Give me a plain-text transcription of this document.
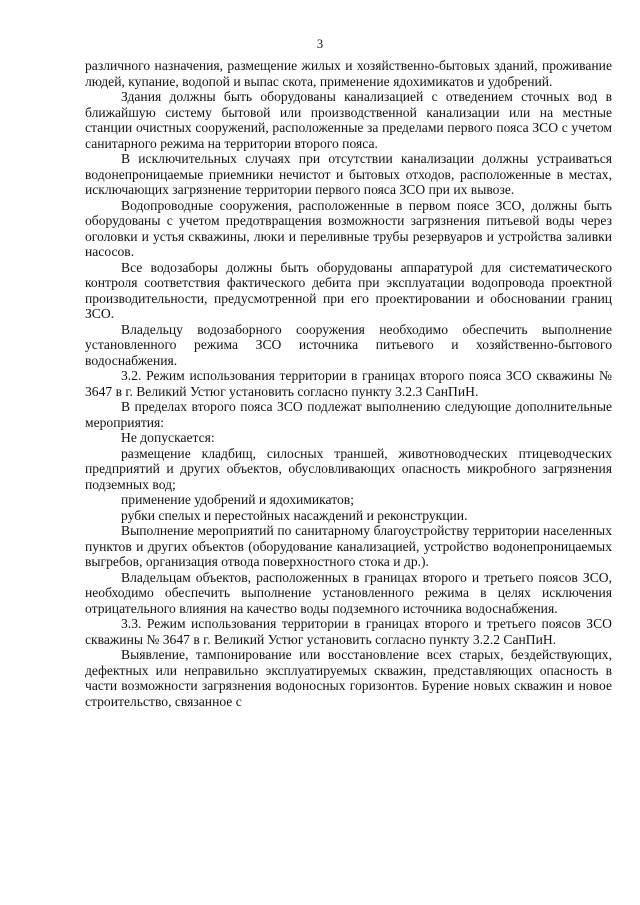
3

различного назначения, размещение жилых и хозяйственно-бытовых зданий, проживание людей, купание, водопой и выпас скота, применение ядохимикатов и удобрений.

Здания должны быть оборудованы канализацией с отведением сточных вод в ближайшую систему бытовой или производственной канализации или на местные станции очистных сооружений, расположенные за пределами первого пояса ЗСО с учетом санитарного режима на территории второго пояса.

В исключительных случаях при отсутствии канализации должны устраиваться водонепроницаемые приемники нечистот и бытовых отходов, расположенные в местах, исключающих загрязнение территории первого пояса ЗСО при их вывозе.

Водопроводные сооружения, расположенные в первом поясе ЗСО, должны быть оборудованы с учетом предотвращения возможности загрязнения питьевой воды через оголовки и устья скважины, люки и переливные трубы резервуаров и устройства заливки насосов.

Все водозаборы должны быть оборудованы аппаратурой для систематического контроля соответствия фактического дебита при эксплуатации водопровода проектной производительности, предусмотренной при его проектировании и обосновании границ ЗСО.

Владельцу водозаборного сооружения необходимо обеспечить выполнение установленного режима ЗСО источника питьевого и хозяйственно-бытового водоснабжения.

3.2. Режим использования территории в границах второго пояса ЗСО скважины № 3647 в г. Великий Устюг установить согласно пункту 3.2.3 СанПиН.

В пределах второго пояса ЗСО подлежат выполнению следующие дополнительные мероприятия:

Не допускается:

размещение кладбищ, силосных траншей, животноводческих птицеводческих предприятий и других объектов, обусловливающих опасность микробного загрязнения подземных вод;

применение удобрений и ядохимикатов;

рубки спелых и перестойных насаждений и реконструкции.

Выполнение мероприятий по санитарному благоустройству территории населенных пунктов и других объектов (оборудование канализацией, устройство водонепроницаемых выгребов, организация отвода поверхностного стока и др.).

Владельцам объектов, расположенных в границах второго и третьего поясов ЗСО, необходимо обеспечить выполнение установленного режима в целях исключения отрицательного влияния на качество воды подземного источника водоснабжения.

3.3. Режим использования территории в границах второго и третьего поясов ЗСО скважины № 3647 в г. Великий Устюг установить согласно пункту 3.2.2 СанПиН.

Выявление, тампонирование или восстановление всех старых, бездействующих, дефектных или неправильно эксплуатируемых скважин, представляющих опасность в части возможности загрязнения водоносных горизонтов. Бурение новых скважин и новое строительство, связанное с
